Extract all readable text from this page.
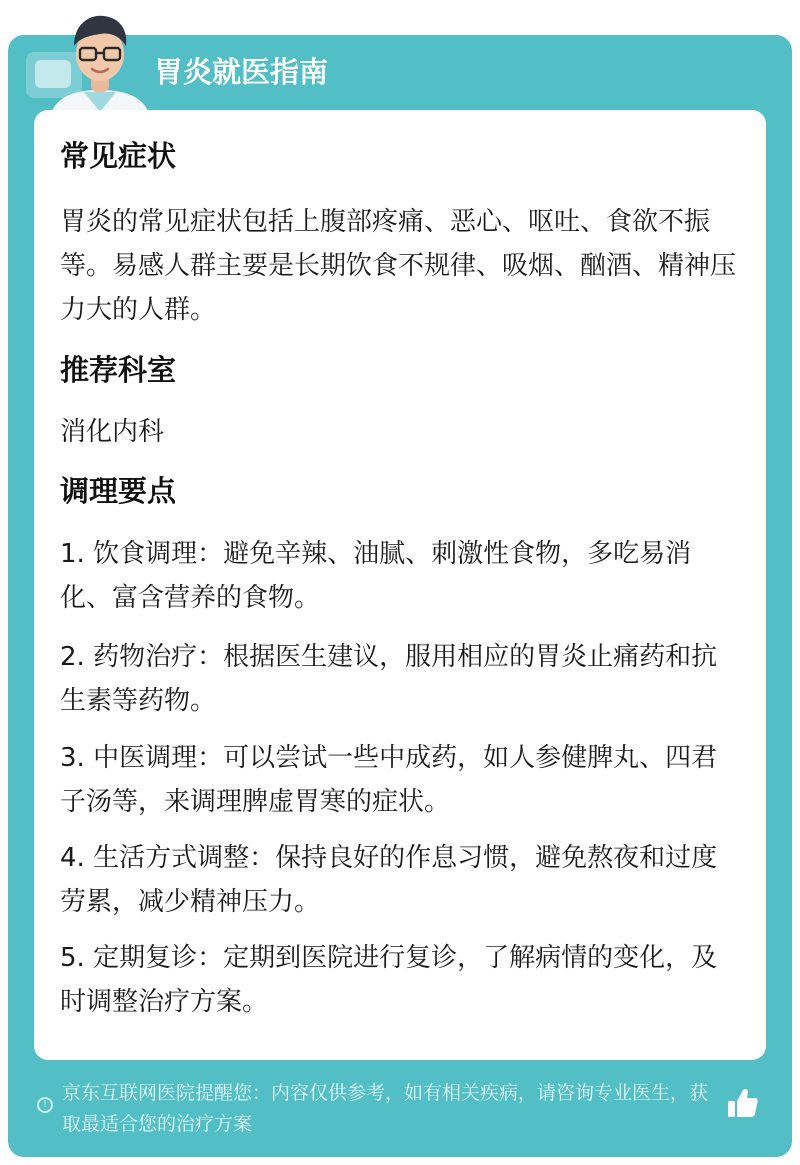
胃炎就医指南
常见症状

胃炎的常见症状包括上腹部疼痛、恶心、呕吐、食欲不振等。易感人群主要是长期饮食不规律、吸烟、酗酒、精神压力大的人群。

推荐科室

消化内科

调理要点

1. 饮食调理：避免辛辣、油腻、刺激性食物，多吃易消化、富含营养的食物。

2. 药物治疗：根据医生建议，服用相应的胃炎止痛药和抗生素等药物。

3. 中医调理：可以尝试一些中成药，如人参健脾丸、四君子汤等，来调理脾虚胃寒的症状。

4. 生活方式调整：保持良好的作息习惯，避免熬夜和过度劳累，减少精神压力。

5. 定期复诊：定期到医院进行复诊，了解病情的变化，及时调整治疗方案。

!
京东互联网医院提醒您：内容仅供参考，如有相关疾病，请咨询专业医生，获取最适合您的治疗方案
